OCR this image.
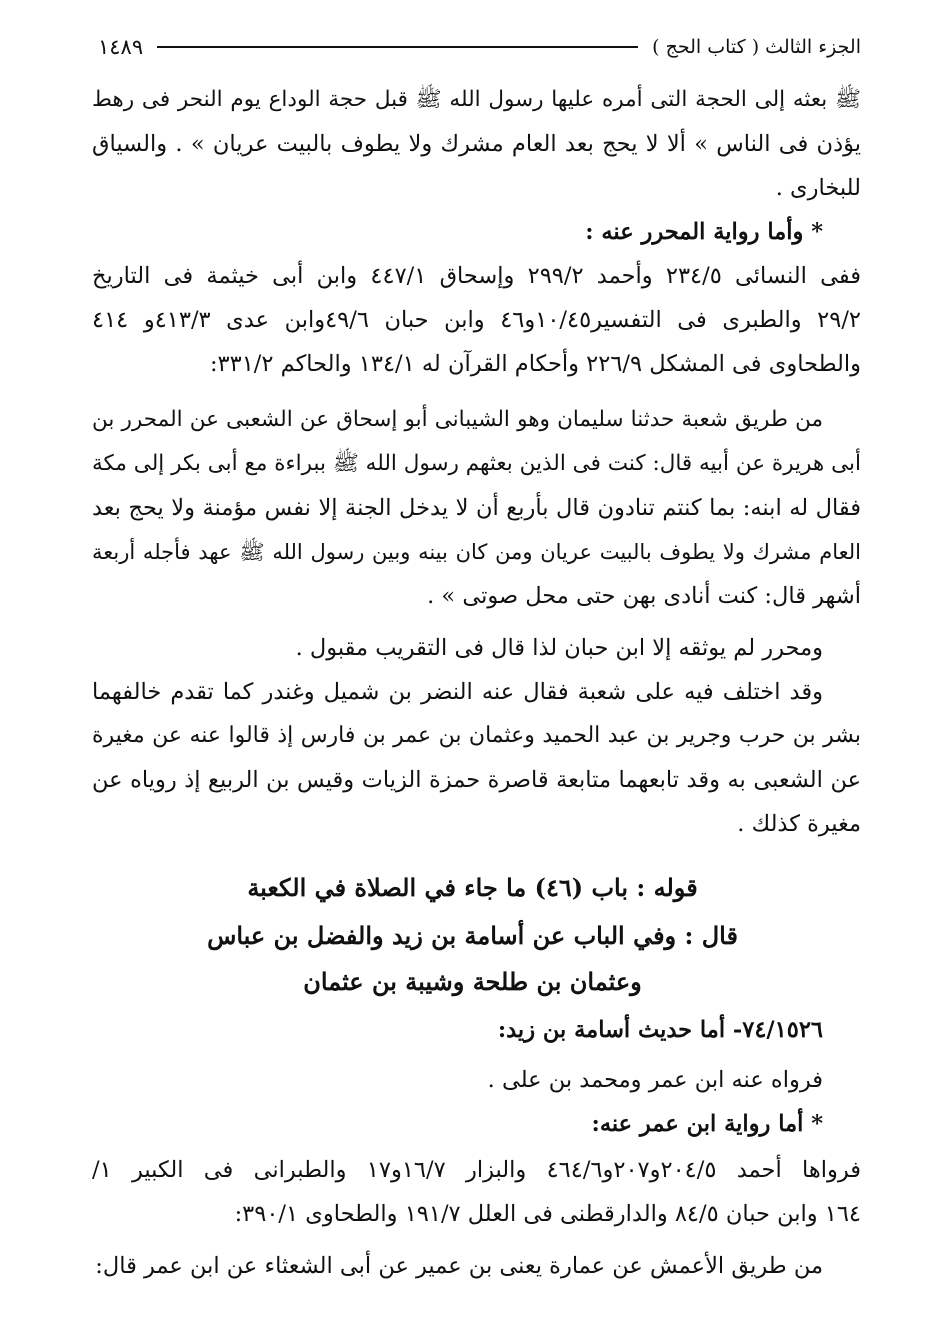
الجزء الثالث ( كتاب الحج )
١٤٨٩
ﷺ بعثه إلى الحجة التى أمره عليها رسول الله ﷺ قبل حجة الوداع يوم النحر فى رهط
يؤذن فى الناس » ألا لا يحج بعد العام مشرك ولا يطوف بالبيت عريان » . والسياق
للبخارى .
* وأما رواية المحرر عنه :
ففى النسائى ٢٣٤/٥ وأحمد ٢٩٩/٢ وإسحاق ٤٤٧/١ وابن أبى خيثمة فى التاريخ
٢٩/٢ والطبرى فى التفسير١٠/٤٥و٤٦ وابن حبان ٤٩/٦وابن عدى ٤١٣/٣و ٤١٤
والطحاوى فى المشكل ٢٢٦/٩ وأحكام القرآن له ١٣٤/١ والحاكم ٣٣١/٢:
من طريق شعبة حدثنا سليمان وهو الشيبانى أبو إسحاق عن الشعبى عن المحرر بن
أبى هريرة عن أبيه قال: كنت فى الذين بعثهم رسول الله ﷺ ببراءة مع أبى بكر إلى مكة
فقال له ابنه: بما كنتم تنادون قال بأربع أن لا يدخل الجنة إلا نفس مؤمنة ولا يحج بعد
العام مشرك ولا يطوف بالبيت عريان ومن كان بينه وبين رسول الله ﷺ عهد فأجله أربعة
أشهر قال: كنت أنادى بهن حتى محل صوتى » .
ومحرر لم يوثقه إلا ابن حبان لذا قال فى التقريب مقبول .
وقد اختلف فيه على شعبة فقال عنه النضر بن شميل وغندر كما تقدم خالفهما
بشر بن حرب وجرير بن عبد الحميد وعثمان بن عمر بن فارس إذ قالوا عنه عن مغيرة
عن الشعبى به وقد تابعهما متابعة قاصرة حمزة الزيات وقيس بن الربيع إذ روياه عن
مغيرة كذلك .
قوله : باب (٤٦) ما جاء في الصلاة في الكعبة
قال : وفي الباب عن أسامة بن زيد والفضل بن عباس
وعثمان بن طلحة وشيبة بن عثمان
٧٤/١٥٢٦- أما حديث أسامة بن زيد:
فرواه عنه ابن عمر ومحمد بن على .
* أما رواية ابن عمر عنه:
فرواها أحمد ٢٠٤/٥و٢٠٧و٤٦٤/٦ والبزار ١٦/٧و١٧ والطبرانى فى الكبير ١/
١٦٤ وابن حبان ٨٤/٥ والدارقطنى فى العلل ١٩١/٧ والطحاوى ٣٩٠/١:
من طريق الأعمش عن عمارة يعنى بن عمير عن أبى الشعثاء عن ابن عمر قال:
